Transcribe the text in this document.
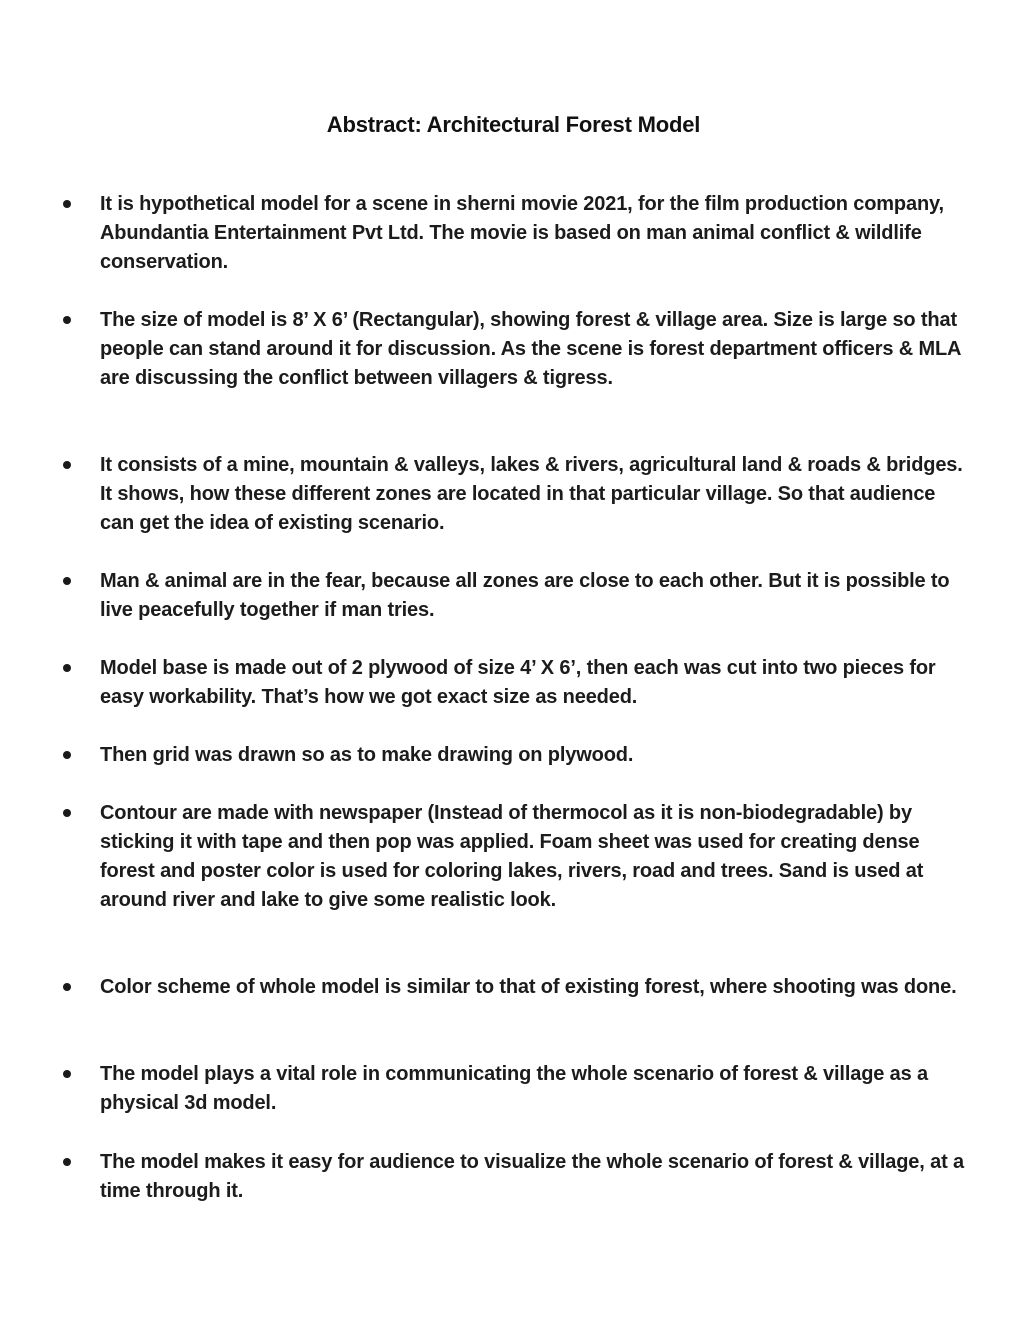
Abstract: Architectural Forest Model
It is hypothetical model for a scene in sherni movie 2021, for the film production company, Abundantia Entertainment Pvt Ltd. The movie is based on man animal conflict & wildlife conservation.
The size of model is 8’ X 6’ (Rectangular), showing forest & village area. Size is large so that people can stand around it for discussion. As the scene is forest department officers & MLA are discussing the conflict between villagers & tigress.
It consists of a mine, mountain & valleys, lakes & rivers, agricultural land & roads & bridges. It shows, how these different zones are located in that particular village. So that audience can get the idea of existing scenario.
Man & animal are in the fear, because all zones are close to each other. But it is possible to live peacefully together if man tries.
Model base is made out of 2 plywood of size 4’ X 6’, then each was cut into two pieces for easy workability. That’s how we got exact size as needed.
Then grid was drawn so as to make drawing on plywood.
Contour are made with newspaper (Instead of thermocol as it is non-biodegradable) by sticking it with tape and then pop was applied. Foam sheet was used for creating dense forest and poster color is used for coloring lakes, rivers, road and trees. Sand is used at around river and lake to give some realistic look.
Color scheme of whole model is similar to that of existing forest, where shooting was done.
The model plays a vital role in communicating the whole scenario of forest & village as a physical 3d model.
The model makes it easy for audience to visualize the whole scenario of forest & village, at a time through it.
